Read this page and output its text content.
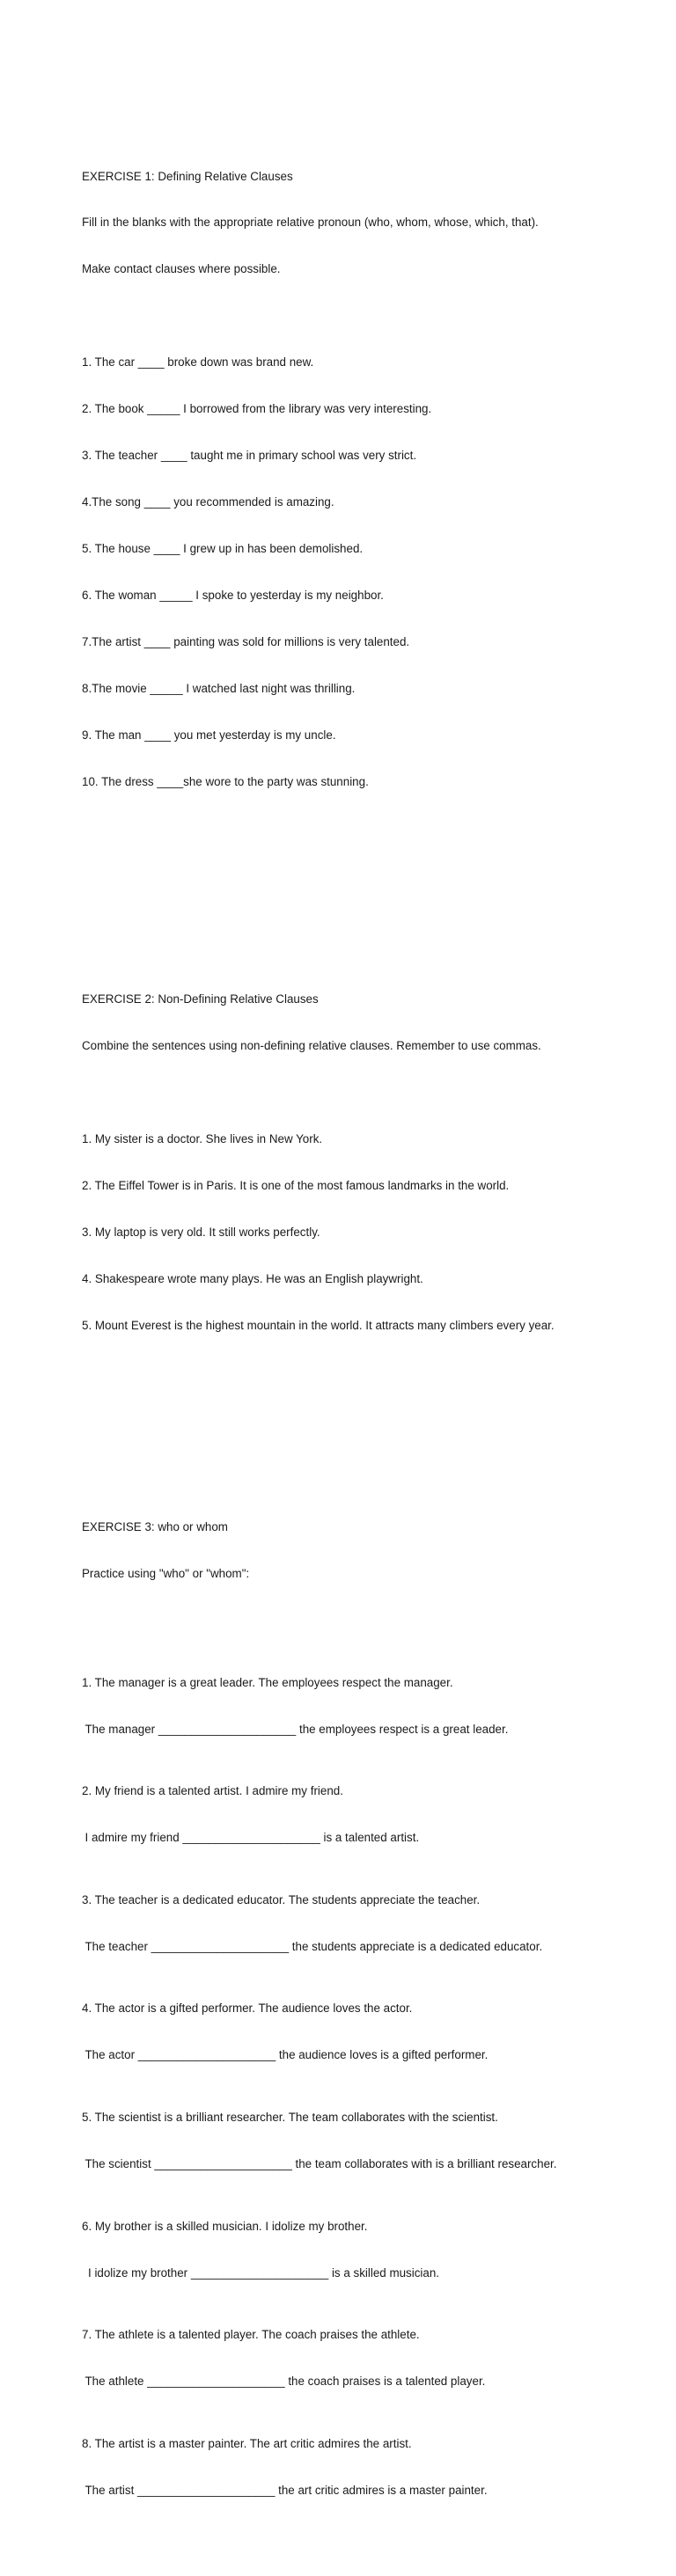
EXERCISE 1: Defining Relative Clauses

Fill in the blanks with the appropriate relative pronoun (who, whom, whose, which, that).

Make contact clauses where possible.

1. The car ____ broke down was brand new.

2. The book _____ I borrowed from the library was very interesting.

3. The teacher ____ taught me in primary school was very strict.

4.The song ____ you recommended is amazing.

5. The house ____ I grew up in has been demolished.

6. The woman _____ I spoke to yesterday is my neighbor.

7.The artist ____ painting was sold for millions is very talented.

8.The movie _____ I watched last night was thrilling.

9. The man ____ you met yesterday is my uncle.

10. The dress ____she wore to the party was stunning.

EXERCISE 2: Non-Defining Relative Clauses

Combine the sentences using non-defining relative clauses. Remember to use commas.

1. My sister is a doctor. She lives in New York.

2. The Eiffel Tower is in Paris. It is one of the most famous landmarks in the world.

3. My laptop is very old. It still works perfectly.

4. Shakespeare wrote many plays. He was an English playwright.

5. Mount Everest is the highest mountain in the world. It attracts many climbers every year.

EXERCISE 3: who or whom

Practice using "who" or "whom":

1. The manager is a great leader. The employees respect the manager.

The manager _____________________ the employees respect is a great leader.

2. My friend is a talented artist. I admire my friend.

I admire my friend _____________________ is a talented artist.

3. The teacher is a dedicated educator. The students appreciate the teacher.

The teacher _____________________ the students appreciate is a dedicated educator.

4. The actor is a gifted performer. The audience loves the actor.

The actor _____________________ the audience loves is a gifted performer.

5. The scientist is a brilliant researcher. The team collaborates with the scientist.

The scientist _____________________ the team collaborates with is a brilliant researcher.

6. My brother is a skilled musician. I idolize my brother.

I idolize my brother _____________________ is a skilled musician.

7. The athlete is a talented player. The coach praises the athlete.

The athlete _____________________ the coach praises is a talented player.

8. The artist is a master painter. The art critic admires the artist.

The artist _____________________ the art critic admires is a master painter.
